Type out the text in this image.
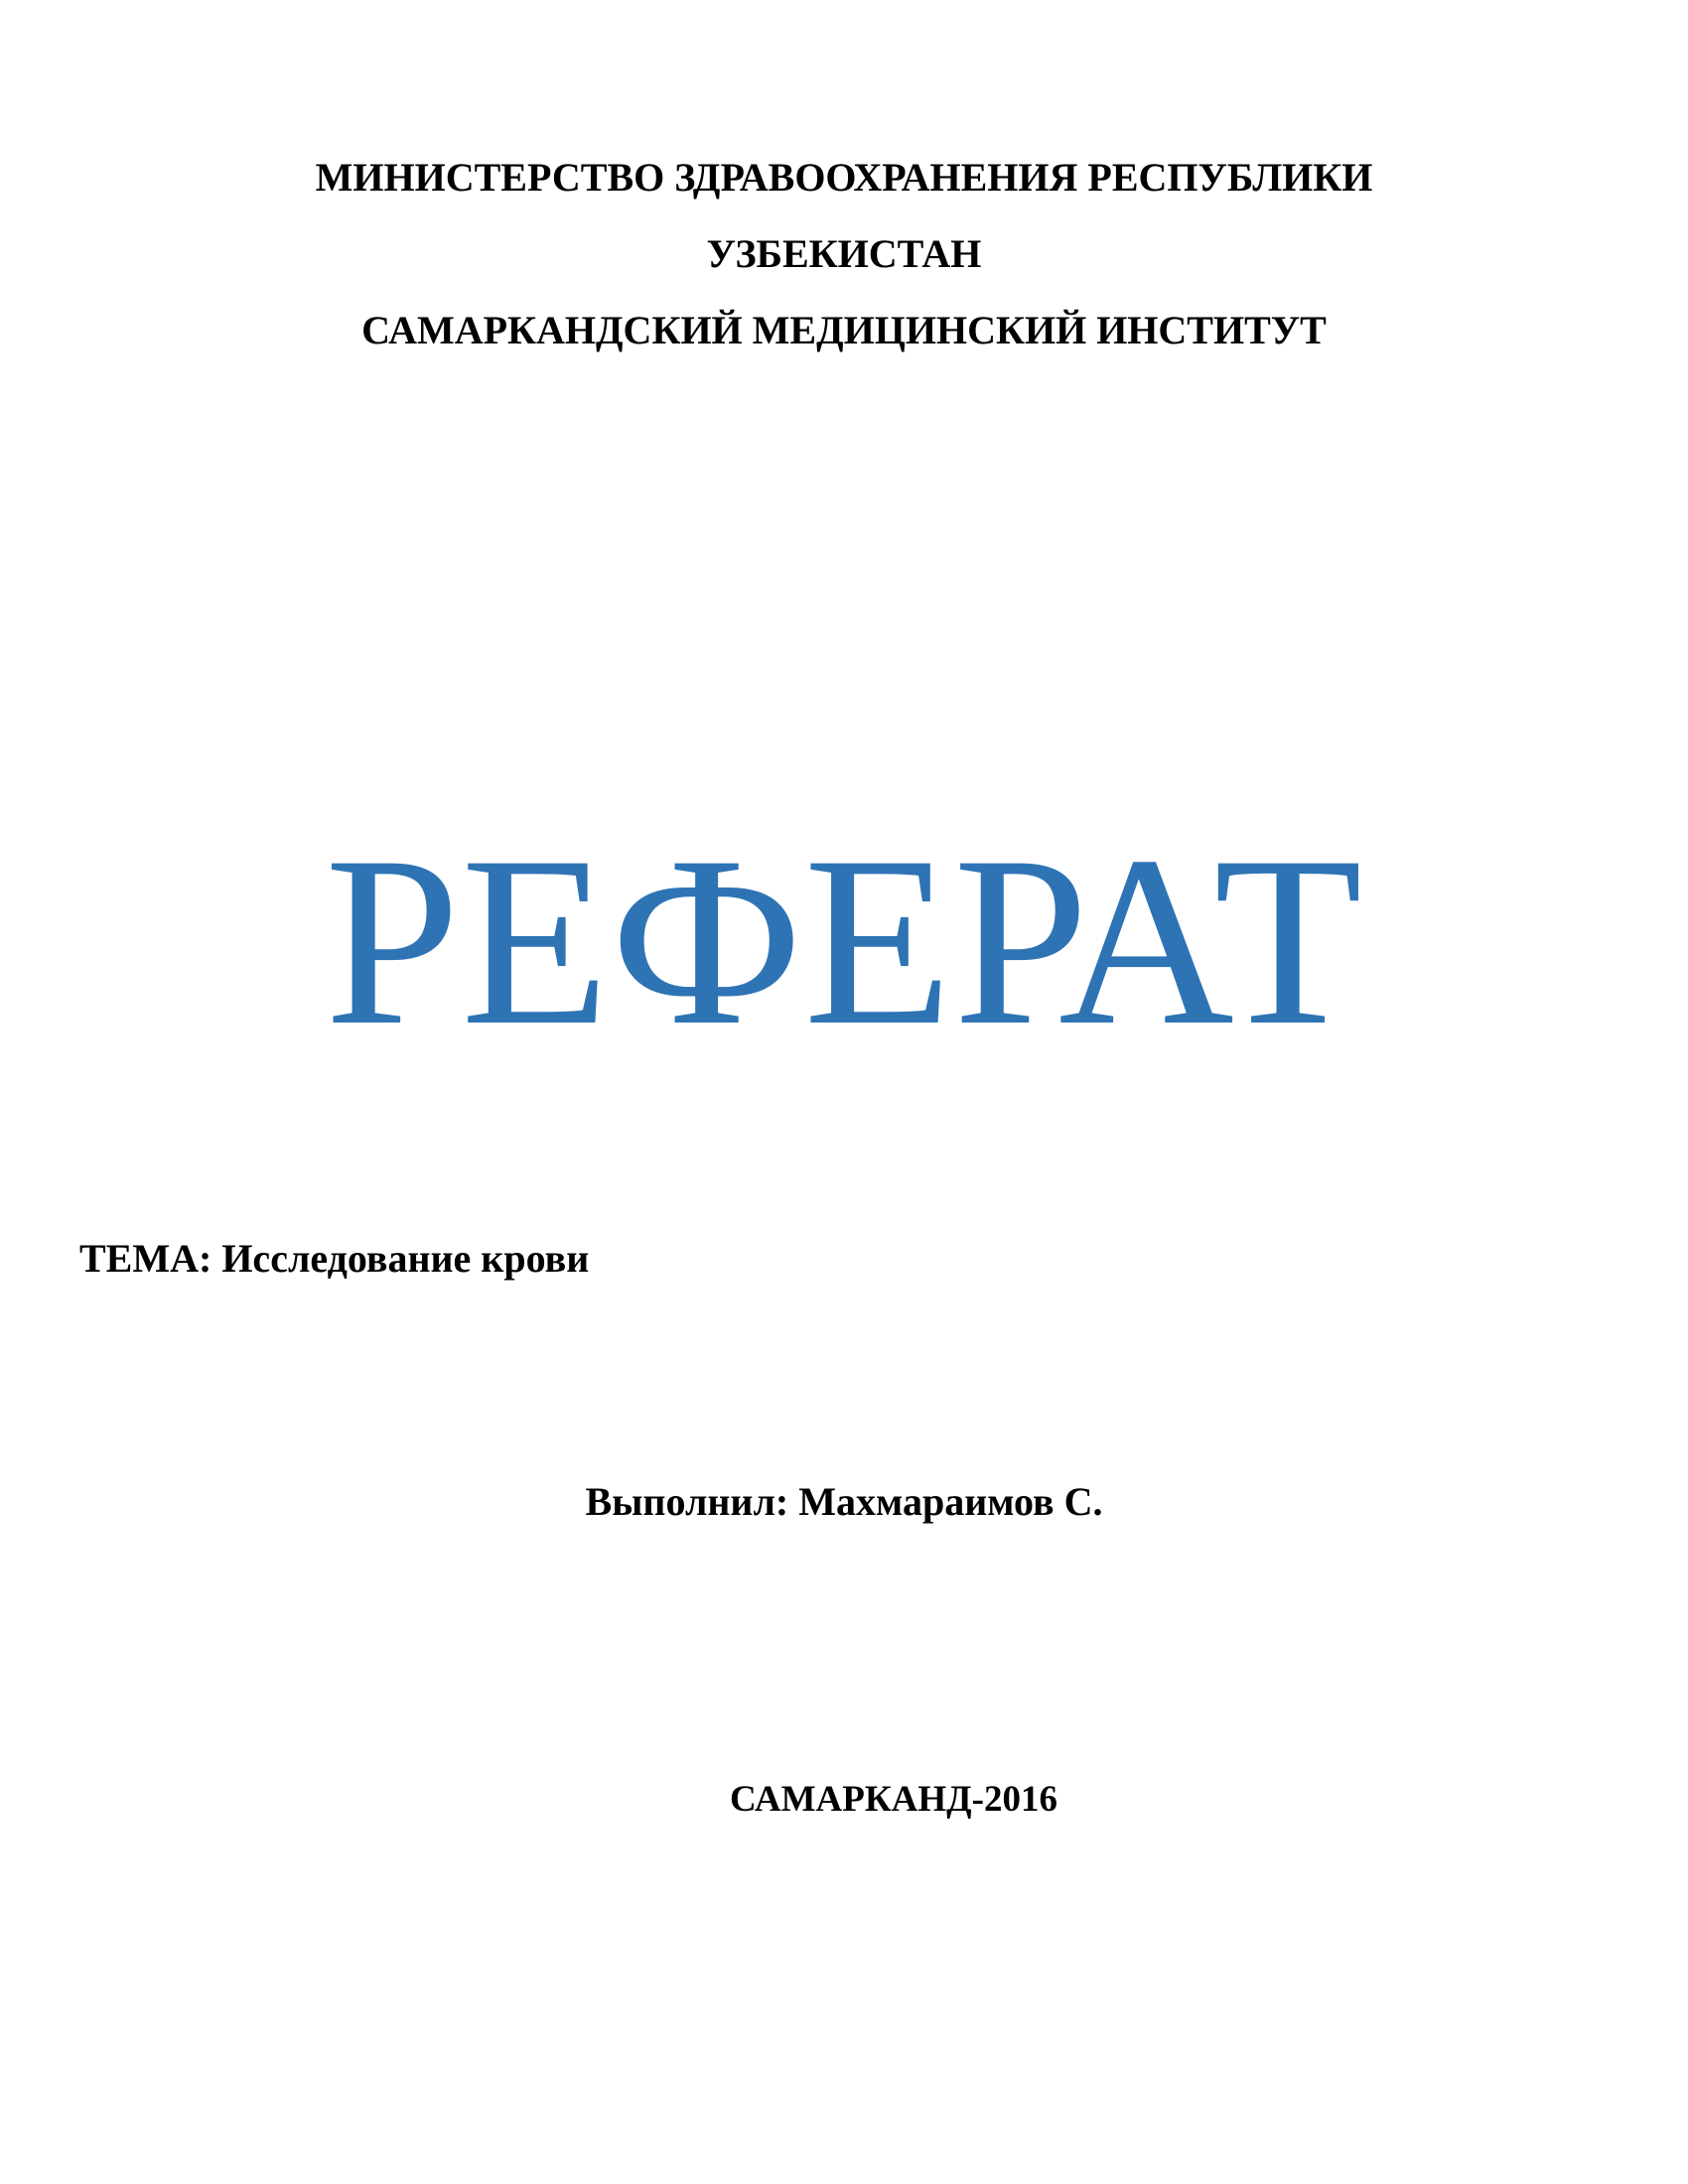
МИНИСТЕРСТВО ЗДРАВООХРАНЕНИЯ РЕСПУБЛИКИ
УЗБЕКИСТАН
САМАРКАНДСКИЙ МЕДИЦИНСКИЙ ИНСТИТУТ
РЕФЕРАТ
ТЕМА: Исследование крови
Выполнил: Махмараимов С.
САМАРКАНД-2016
